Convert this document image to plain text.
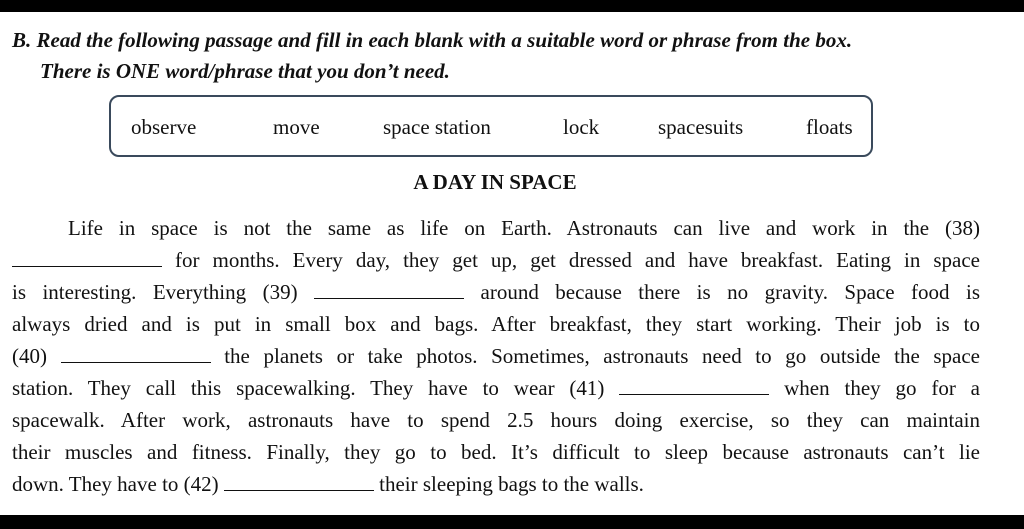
B. Read the following passage and fill in each blank with a suitable word or phrase from the box.
There is ONE word/phrase that you don’t need.
observe	move	space station	lock	spacesuits	floats
A DAY IN SPACE
Life in space is not the same as life on Earth. Astronauts can live and work in the (38)
for months. Every day, they get up, get dressed and have breakfast. Eating in space
is interesting. Everything (39)	around because there is no gravity. Space food is
always dried and is put in small box and bags. After breakfast, they start working. Their job is to
(40)	the planets or take photos. Sometimes, astronauts need to go outside the space
station. They call this spacewalking. They have to wear (41)	when they go for a
spacewalk. After work, astronauts have to spend 2.5 hours doing exercise, so they can maintain
their muscles and fitness. Finally, they go to bed. It’s difficult to sleep because astronauts can’t lie
down. They have to (42)	their sleeping bags to the walls.
